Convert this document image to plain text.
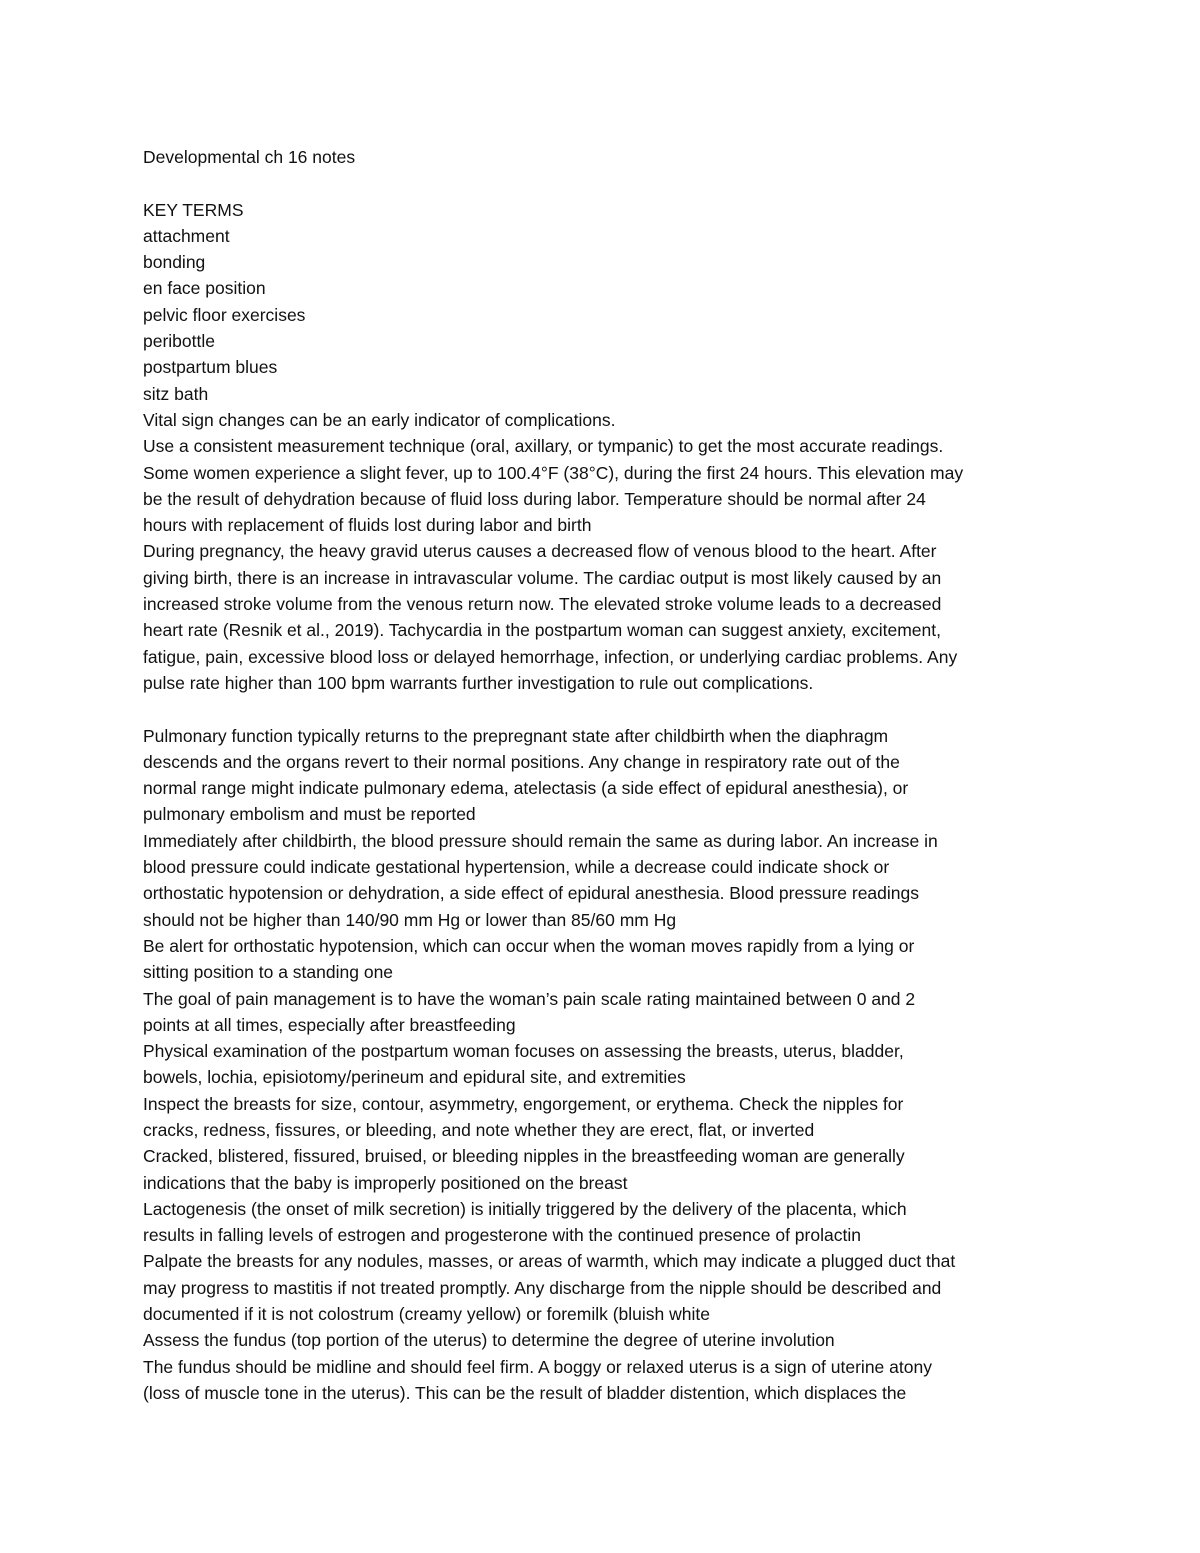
Developmental ch 16 notes

KEY TERMS

attachment

bonding

en face position

pelvic floor exercises

peribottle

postpartum blues

sitz bath

Vital sign changes can be an early indicator of complications.

Use a consistent measurement technique (oral, axillary, or tympanic) to get the most accurate readings.

Some women experience a slight fever, up to 100.4°F (38°C), during the first 24 hours. This elevation may

be the result of dehydration because of fluid loss during labor. Temperature should be normal after 24

hours with replacement of fluids lost during labor and birth

During pregnancy, the heavy gravid uterus causes a decreased flow of venous blood to the heart. After

giving birth, there is an increase in intravascular volume. The cardiac output is most likely caused by an

increased stroke volume from the venous return now. The elevated stroke volume leads to a decreased

heart rate (Resnik et al., 2019). Tachycardia in the postpartum woman can suggest anxiety, excitement,

fatigue, pain, excessive blood loss or delayed hemorrhage, infection, or underlying cardiac problems. Any

pulse rate higher than 100 bpm warrants further investigation to rule out complications.

Pulmonary function typically returns to the prepregnant state after childbirth when the diaphragm

descends and the organs revert to their normal positions. Any change in respiratory rate out of the

normal range might indicate pulmonary edema, atelectasis (a side effect of epidural anesthesia), or

pulmonary embolism and must be reported

Immediately after childbirth, the blood pressure should remain the same as during labor. An increase in

blood pressure could indicate gestational hypertension, while a decrease could indicate shock or

orthostatic hypotension or dehydration, a side effect of epidural anesthesia. Blood pressure readings

should not be higher than 140/90 mm Hg or lower than 85/60 mm Hg

Be alert for orthostatic hypotension, which can occur when the woman moves rapidly from a lying or

sitting position to a standing one

The goal of pain management is to have the woman’s pain scale rating maintained between 0 and 2

points at all times, especially after breastfeeding

Physical examination of the postpartum woman focuses on assessing the breasts, uterus, bladder,

bowels, lochia, episiotomy/perineum and epidural site, and extremities

Inspect the breasts for size, contour, asymmetry, engorgement, or erythema. Check the nipples for

cracks, redness, fissures, or bleeding, and note whether they are erect, flat, or inverted

Cracked, blistered, fissured, bruised, or bleeding nipples in the breastfeeding woman are generally

indications that the baby is improperly positioned on the breast

Lactogenesis (the onset of milk secretion) is initially triggered by the delivery of the placenta, which

results in falling levels of estrogen and progesterone with the continued presence of prolactin

Palpate the breasts for any nodules, masses, or areas of warmth, which may indicate a plugged duct that

may progress to mastitis if not treated promptly. Any discharge from the nipple should be described and

documented if it is not colostrum (creamy yellow) or foremilk (bluish white

Assess the fundus (top portion of the uterus) to determine the degree of uterine involution

The fundus should be midline and should feel firm. A boggy or relaxed uterus is a sign of uterine atony

(loss of muscle tone in the uterus). This can be the result of bladder distention, which displaces the
